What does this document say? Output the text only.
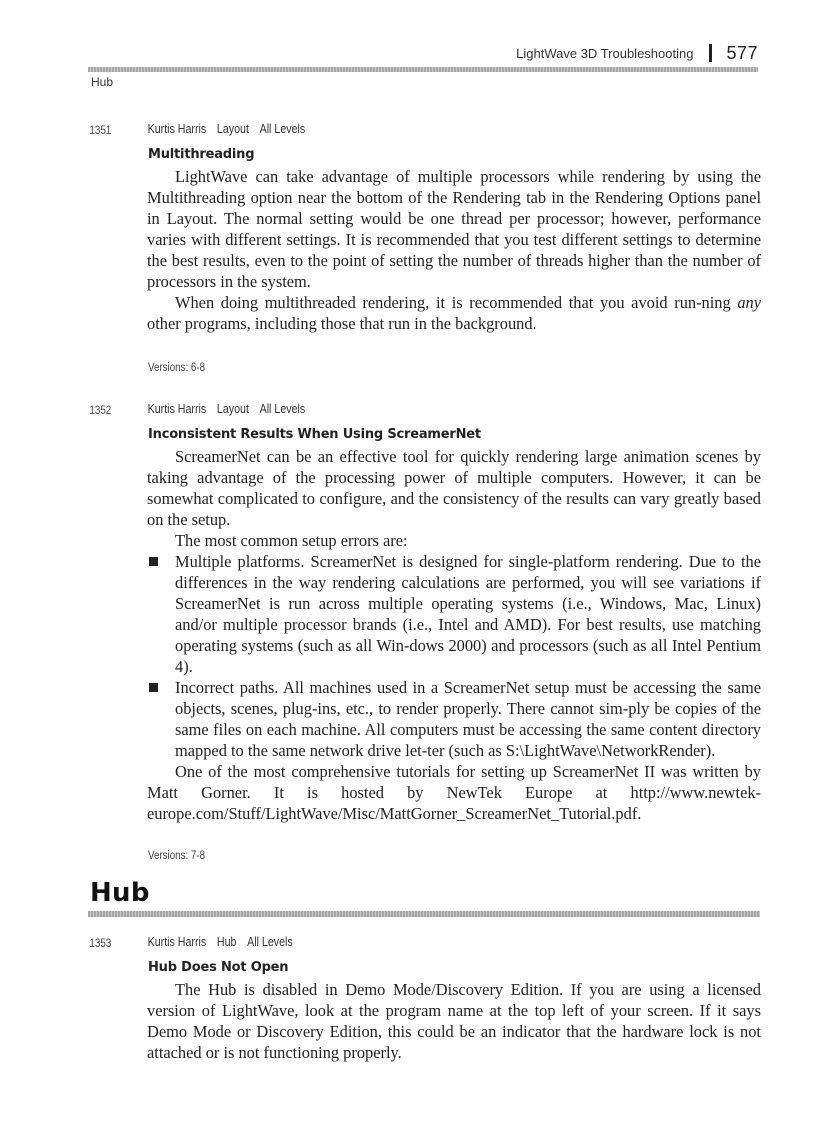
LightWave 3D Troubleshooting 577
Hub
1351	Kurtis Harris Layout All Levels
Multithreading

LightWave can take advantage of multiple processors while rendering by using the Multithreading option near the bottom of the Rendering tab in the Rendering Options panel in Layout. The normal setting would be one thread per processor; however, performance varies with different settings. It is recommended that you test different settings to determine the best results, even to the point of setting the number of threads higher than the number of processors in the system.

When doing multithreaded rendering, it is recommended that you avoid run-ning any other programs, including those that run in the background.

Versions: 6-8
1352	Kurtis Harris Layout All Levels
Inconsistent Results When Using ScreamerNet

ScreamerNet can be an effective tool for quickly rendering large animation scenes by taking advantage of the processing power of multiple computers. However, it can be somewhat complicated to configure, and the consistency of the results can vary greatly based on the setup.

The most common setup errors are:

Multiple platforms. ScreamerNet is designed for single-platform rendering. Due to the differences in the way rendering calculations are performed, you will see variations if ScreamerNet is run across multiple operating systems (i.e., Windows, Mac, Linux) and/or multiple processor brands (i.e., Intel and AMD). For best results, use matching operating systems (such as all Win-dows 2000) and processors (such as all Intel Pentium 4).
Incorrect paths. All machines used in a ScreamerNet setup must be accessing the same objects, scenes, plug-ins, etc., to render properly. There cannot sim-ply be copies of the same files on each machine. All computers must be accessing the same content directory mapped to the same network drive let-ter (such as S:\LightWave\NetworkRender).

One of the most comprehensive tutorials for setting up ScreamerNet II was written by Matt Gorner. It is hosted by NewTek Europe at http://www.newtek-europe.com/Stuff/LightWave/Misc/MattGorner_ScreamerNet_Tutorial.pdf.

Versions: 7-8
Hub
1353	Kurtis Harris Hub All Levels
Hub Does Not Open

The Hub is disabled in Demo Mode/Discovery Edition. If you are using a licensed version of LightWave, look at the program name at the top left of your screen. If it says Demo Mode or Discovery Edition, this could be an indicator that the hardware lock is not attached or is not functioning properly.
